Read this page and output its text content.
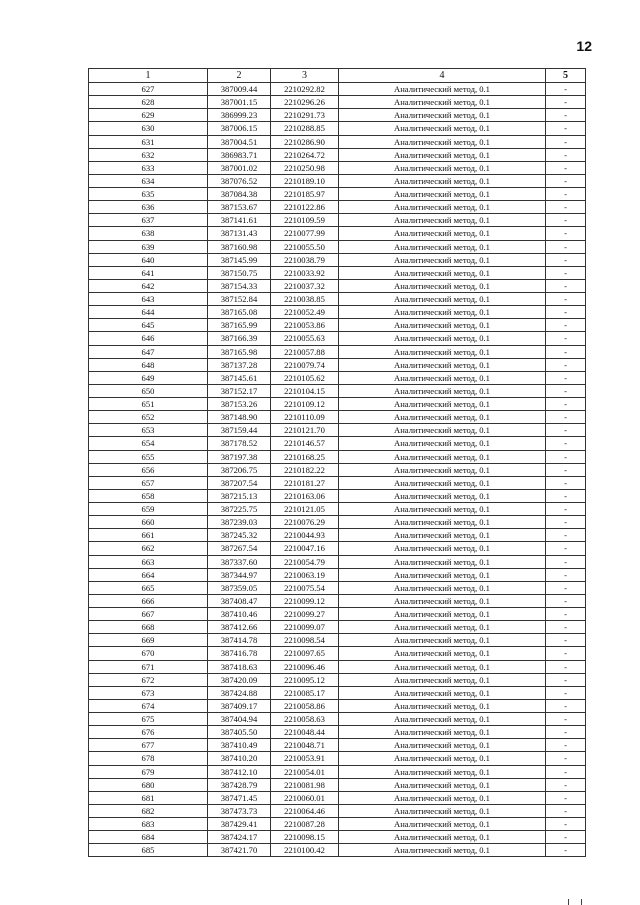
12
1	2	3	4	5
627	387009.44	2210292.82	Аналитический метод, 0.1	-
628	387001.15	2210296.26	Аналитический метод, 0.1	-
629	386999.23	2210291.73	Аналитический метод, 0.1	-
630	387006.15	2210288.85	Аналитический метод, 0.1	-
631	387004.51	2210286.90	Аналитический метод, 0.1	-
632	386983.71	2210264.72	Аналитический метод, 0.1	-
633	387001.02	2210250.98	Аналитический метод, 0.1	-
634	387076.52	2210189.10	Аналитический метод, 0.1	-
635	387084.38	2210185.97	Аналитический метод, 0.1	-
636	387153.67	2210122.86	Аналитический метод, 0.1	-
637	387141.61	2210109.59	Аналитический метод, 0.1	-
638	387131.43	2210077.99	Аналитический метод, 0.1	-
639	387160.98	2210055.50	Аналитический метод, 0.1	-
640	387145.99	2210038.79	Аналитический метод, 0.1	-
641	387150.75	2210033.92	Аналитический метод, 0.1	-
642	387154.33	2210037.32	Аналитический метод, 0.1	-
643	387152.84	2210038.85	Аналитический метод, 0.1	-
644	387165.08	2210052.49	Аналитический метод, 0.1	-
645	387165.99	2210053.86	Аналитический метод, 0.1	-
646	387166.39	2210055.63	Аналитический метод, 0.1	-
647	387165.98	2210057.88	Аналитический метод, 0.1	-
648	387137.28	2210079.74	Аналитический метод, 0.1	-
649	387145.61	2210105.62	Аналитический метод, 0.1	-
650	387152.17	2210104.15	Аналитический метод, 0.1	-
651	387153.26	2210109.12	Аналитический метод, 0.1	-
652	387148.90	2210110.09	Аналитический метод, 0.1	-
653	387159.44	2210121.70	Аналитический метод, 0.1	-
654	387178.52	2210146.57	Аналитический метод, 0.1	-
655	387197.38	2210168.25	Аналитический метод, 0.1	-
656	387206.75	2210182.22	Аналитический метод, 0.1	-
657	387207.54	2210181.27	Аналитический метод, 0.1	-
658	387215.13	2210163.06	Аналитический метод, 0.1	-
659	387225.75	2210121.05	Аналитический метод, 0.1	-
660	387239.03	2210076.29	Аналитический метод, 0.1	-
661	387245.32	2210044.93	Аналитический метод, 0.1	-
662	387267.54	2210047.16	Аналитический метод, 0.1	-
663	387337.60	2210054.79	Аналитический метод, 0.1	-
664	387344.97	2210063.19	Аналитический метод, 0.1	-
665	387359.05	2210075.54	Аналитический метод, 0.1	-
666	387408.47	2210099.12	Аналитический метод, 0.1	-
667	387410.46	2210099.27	Аналитический метод, 0.1	-
668	387412.66	2210099.07	Аналитический метод, 0.1	-
669	387414.78	2210098.54	Аналитический метод, 0.1	-
670	387416.78	2210097.65	Аналитический метод, 0.1	-
671	387418.63	2210096.46	Аналитический метод, 0.1	-
672	387420.09	2210095.12	Аналитический метод, 0.1	-
673	387424.88	2210085.17	Аналитический метод, 0.1	-
674	387409.17	2210058.86	Аналитический метод, 0.1	-
675	387404.94	2210058.63	Аналитический метод, 0.1	-
676	387405.50	2210048.44	Аналитический метод, 0.1	-
677	387410.49	2210048.71	Аналитический метод, 0.1	-
678	387410.20	2210053.91	Аналитический метод, 0.1	-
679	387412.10	2210054.01	Аналитический метод, 0.1	-
680	387428.79	2210081.98	Аналитический метод, 0.1	-
681	387471.45	2210060.01	Аналитический метод, 0.1	-
682	387473.73	2210064.46	Аналитический метод, 0.1	-
683	387429.41	2210087.28	Аналитический метод, 0.1	-
684	387424.17	2210098.15	Аналитический метод, 0.1	-
685	387421.70	2210100.42	Аналитический метод, 0.1	-
